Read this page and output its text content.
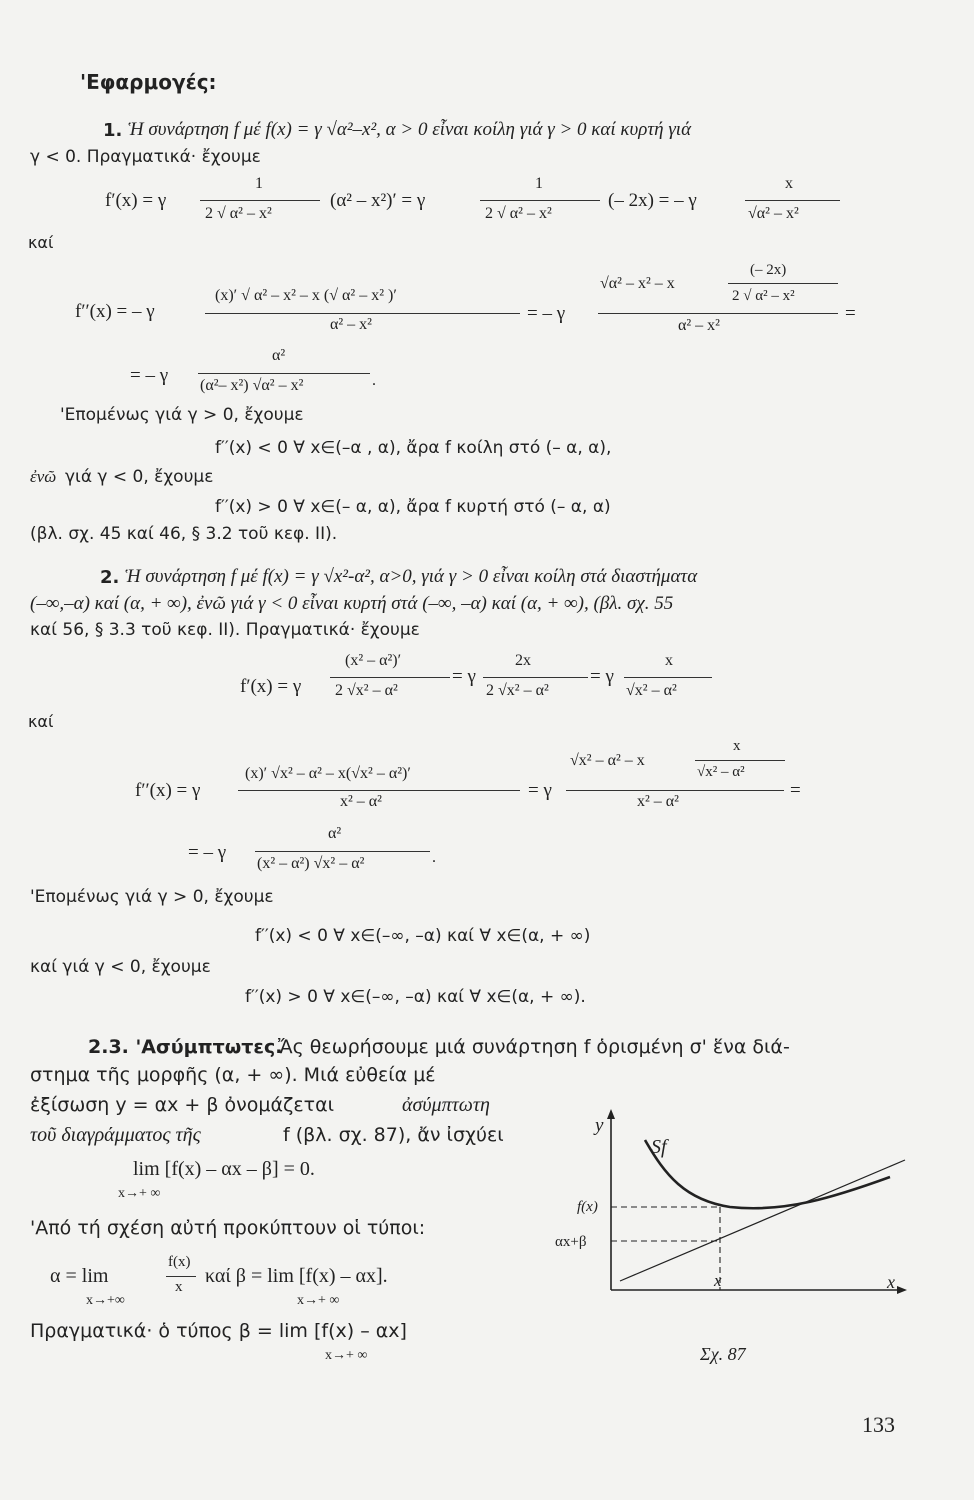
'Εφαρμογές:
1. Ἡ συνάρτηση f μέ f(x) = γ √α²–x², α > 0 εἶναι κοίλη γιά γ > 0 καί κυρτή γιά
γ < 0. Πραγματικά· ἔχουμε
f′(x) = γ
1
2 √ α² – x²
(α² – x²)′ = γ
1
2 √ α² – x²
(– 2x) = – γ
x
√α² – x²
καί
f′′(x) = – γ
(x)′ √ α² – x² – x (√ α² – x² )′
α² – x²
= – γ
√α² – x² – x
(– 2x)
2 √ α² – x²
α² – x²
=
= – γ
α²
(α²– x²) √α² – x²	.
'Επομένως γιά γ > 0, ἔχουμε
f′′(x) < 0 ∀ x∈(–α , α), ἄρα f κοίλη στό (– α, α),
ἐνῶ γιά γ < 0, ἔχουμε
f′′(x) > 0 ∀ x∈(– α, α), ἄρα f κυρτή στό (– α, α)
(βλ. σχ. 45 καί 46, § 3.2 τοῦ κεφ. II).
2. Ἡ συνάρτηση f μέ f(x) = γ √x²-α², α>0, γιά γ > 0 εἶναι κοίλη στά διαστήματα
(–∞,–α) καί (α, + ∞), ἐνῶ γιά γ < 0 εἶναι κυρτή στά (–∞, –α) καί (α, + ∞), (βλ. σχ. 55
καί 56, § 3.3 τοῦ κεφ. II). Πραγματικά· ἔχουμε
f′(x) = γ
(x² – α²)′
2 √x² – α²
= γ
2x
2 √x² – α²
= γ
x
√x² – α²
καί
f′′(x) = γ
(x)′ √x² – α² – x(√x² – α²)′
x² – α²
= γ
√x² – α² – x
x
√x² – α²
x² – α²
=
= – γ
α²
(x² – α²) √x² – α²	.
'Επομένως γιά γ > 0, ἔχουμε
f′′(x) < 0 ∀ x∈(–∞, –α) καί ∀ x∈(α, + ∞)
καί γιά γ < 0, ἔχουμε
f′′(x) > 0 ∀ x∈(–∞, –α) καί ∀ x∈(α, + ∞).
2.3. 'Ασύμπτωτες.
Ἄς θεωρήσουμε μιά συνάρτηση f ὁρισμένη σ' ἕνα διά-
στημα τῆς μορφῆς (α, + ∞). Μιά εὐθεία μέ
ἐξίσωση y = αx + β ὀνομάζεται	ἀσύμπτωτη
τοῦ διαγράμματος τῆς	f (βλ. σχ. 87), ἄν ἰσχύει
lim [f(x) – αx – β] = 0.
x→+ ∞
'Από τή σχέση αὐτή προκύπτουν οἱ τύποι:
α = lim
f(x)
x καί β = lim [f(x) – αx].
x→+∞	x→+ ∞
Πραγματικά· ὁ τύπος β = lim [f(x) – αx]
x→+ ∞
y
Sf
f(x)
αx+β
x	x
Σχ. 87
133
